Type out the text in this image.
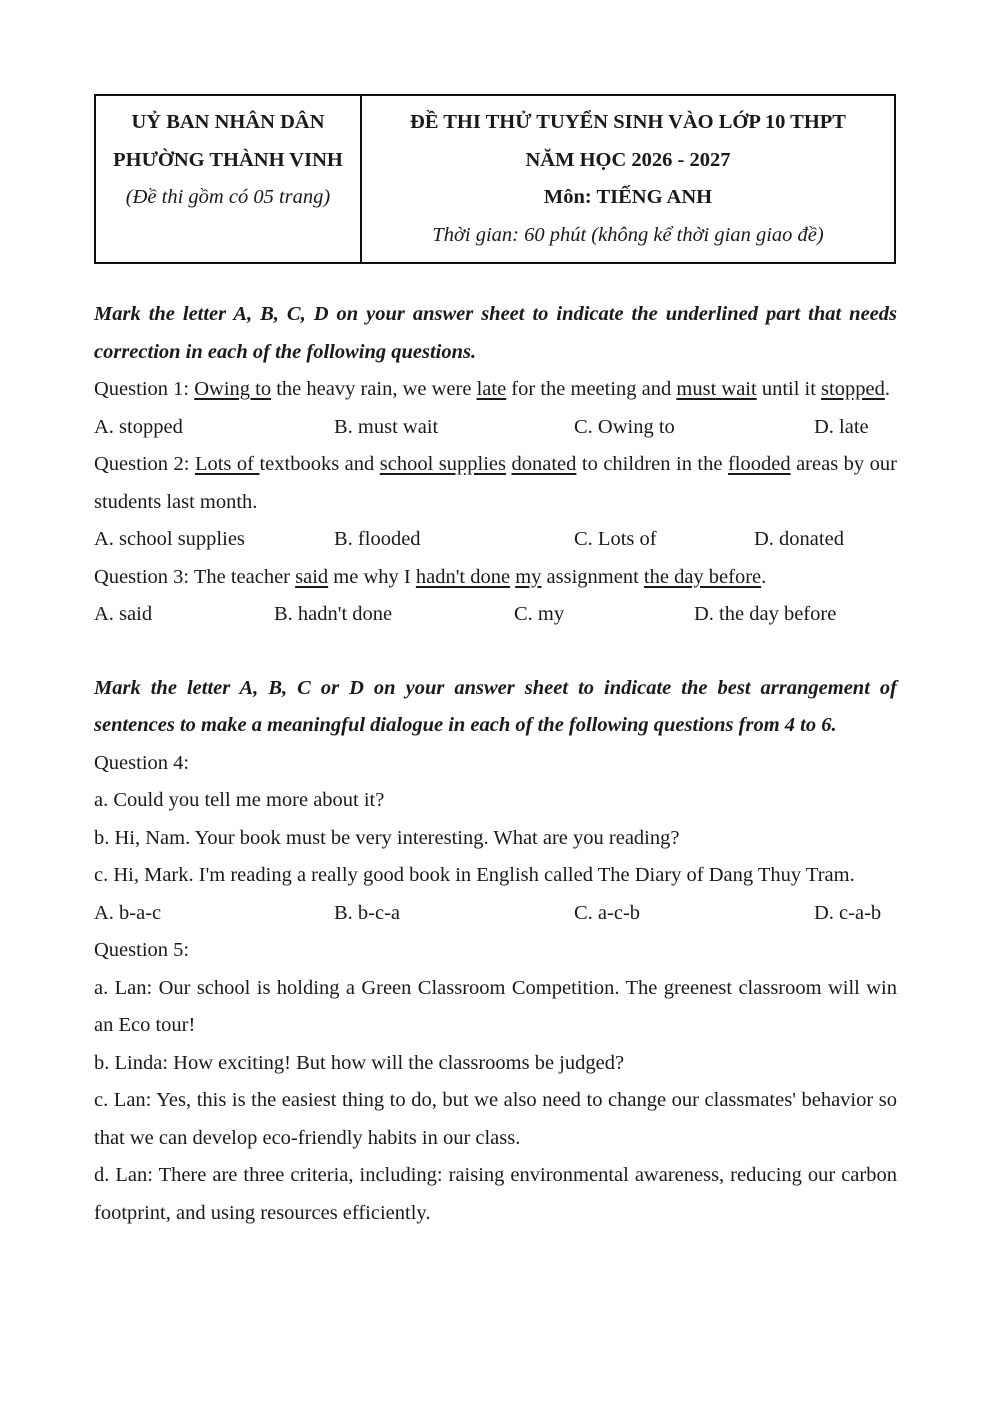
UỶ BAN NHÂN DÂN
PHƯỜNG THÀNH VINH
(Đề thi gồm có 05 trang)
ĐỀ THI THỬ TUYỂN SINH VÀO LỚP 10 THPT
NĂM HỌC 2026 - 2027
Môn: TIẾNG ANH
Thời gian: 60 phút (không kể thời gian giao đề)
Mark the letter A, B, C, D on your answer sheet to indicate the underlined part that needs correction in each of the following questions.
Question 1: Owing to the heavy rain, we were late for the meeting and must wait until it stopped.
A. stopped	B. must wait	C. Owing to	D. late
Question 2: Lots of textbooks and school supplies donated to children in the flooded areas by our students last month.
A. school supplies	B. flooded	C. Lots of	D. donated
Question 3: The teacher said me why I hadn't done my assignment the day before.
A. said	B. hadn't done	C. my	D. the day before
Mark the letter A, B, C or D on your answer sheet to indicate the best arrangement of sentences to make a meaningful dialogue in each of the following questions from 4 to 6.
Question 4:
a. Could you tell me more about it?
b. Hi, Nam. Your book must be very interesting. What are you reading?
c. Hi, Mark. I'm reading a really good book in English called The Diary of Dang Thuy Tram.
A. b-a-c	B. b-c-a	C. a-c-b	D. c-a-b
Question 5:
a. Lan: Our school is holding a Green Classroom Competition. The greenest classroom will win an Eco tour!
b. Linda: How exciting! But how will the classrooms be judged?
c. Lan: Yes, this is the easiest thing to do, but we also need to change our classmates' behavior so that we can develop eco-friendly habits in our class.
d. Lan: There are three criteria, including: raising environmental awareness, reducing our carbon footprint, and using resources efficiently.
